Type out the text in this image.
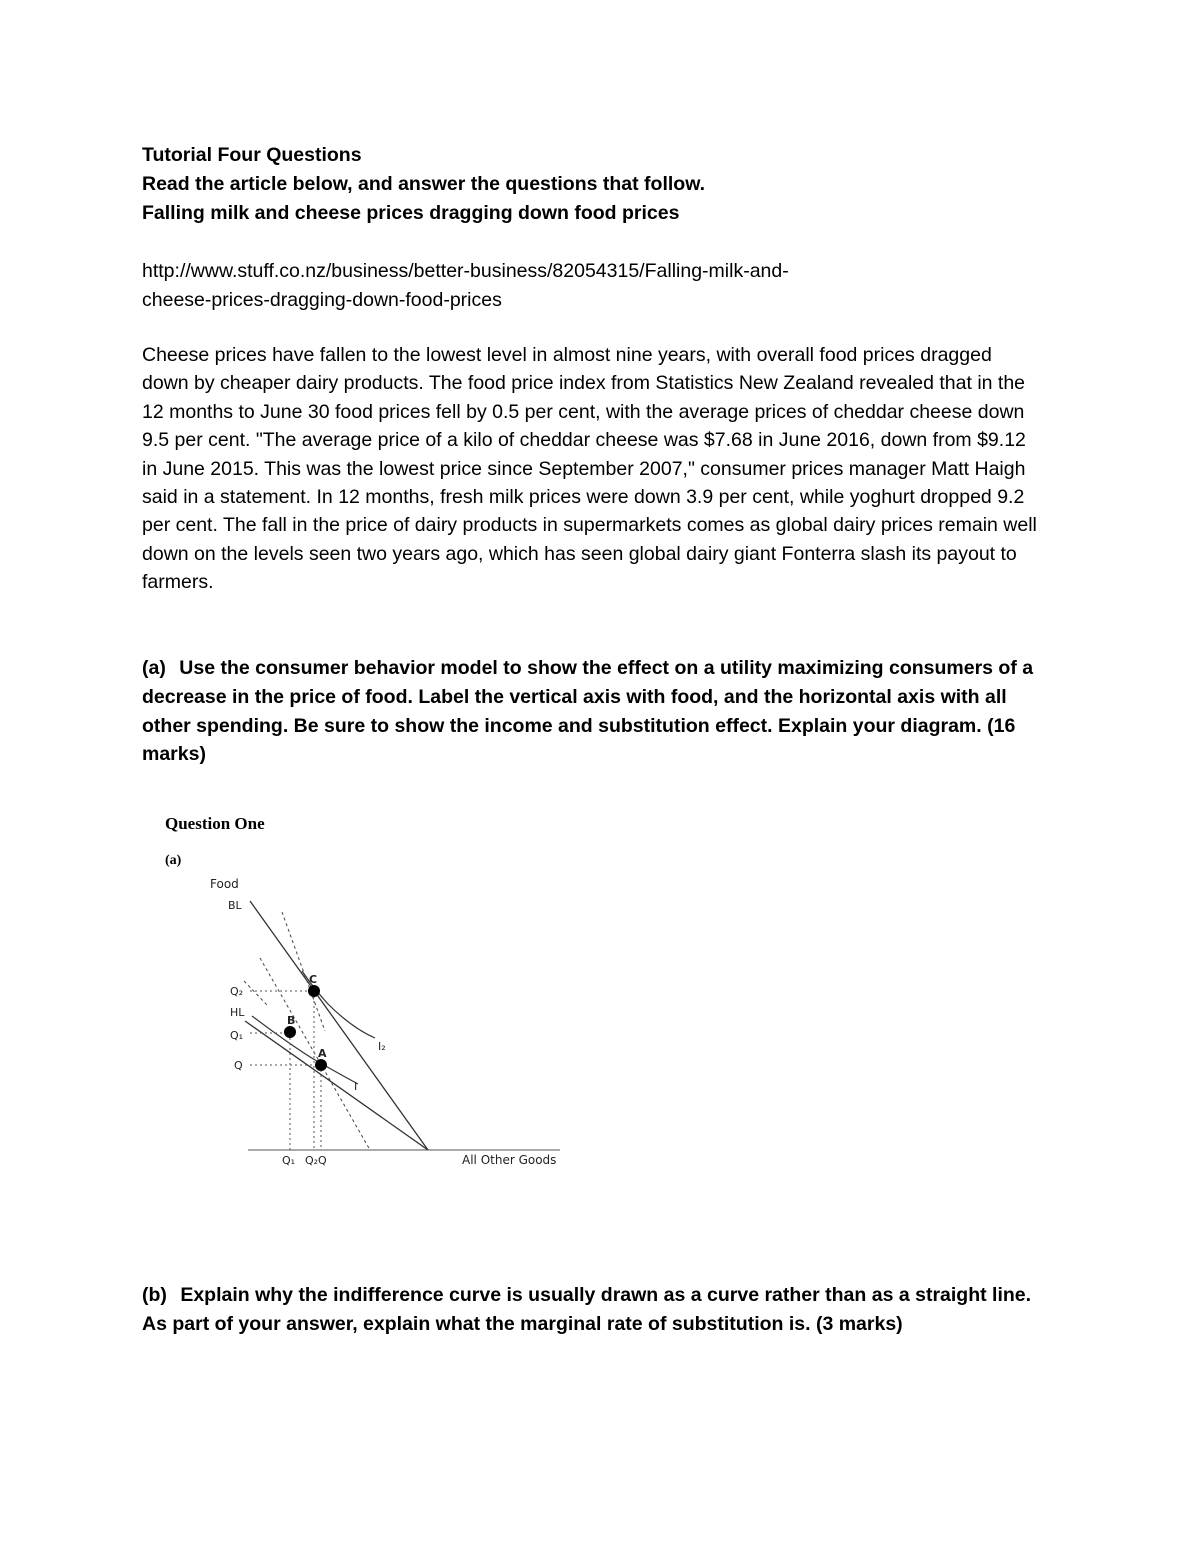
Tutorial Four Questions
Read the article below, and answer the questions that follow.
Falling milk and cheese prices dragging down food prices
http://www.stuff.co.nz/business/better-business/82054315/Falling-milk-and-
cheese-prices-dragging-down-food-prices
Cheese prices have fallen to the lowest level in almost nine years, with overall food prices dragged down by cheaper dairy products. The food price index from Statistics New Zealand revealed that in the 12 months to June 30 food prices fell by 0.5 per cent, with the average prices of cheddar cheese down 9.5 per cent. "The average price of a kilo of cheddar cheese was $7.68 in June 2016, down from $9.12 in June 2015. This was the lowest price since September 2007," consumer prices manager Matt Haigh said in a statement. In 12 months, fresh milk prices were down 3.9 per cent, while yoghurt dropped 9.2 per cent. The fall in the price of dairy products in supermarkets comes as global dairy prices remain well down on the levels seen two years ago, which has seen global dairy giant Fonterra slash its payout to farmers.
(a) Use the consumer behavior model to show the effect on a utility maximizing consumers of a decrease in the price of food. Label the vertical axis with food, and the horizontal axis with all other spending. Be sure to show the income and substitution effect. Explain your diagram. (16 marks)
Question One
(a)
Food
All Other Goods
BL
HL
I
I₂
Q₂
Q₁
Q
C
B
A
Q₁ Q₂ Q
(b) Explain why the indifference curve is usually drawn as a curve rather than as a straight line. As part of your answer, explain what the marginal rate of substitution is. (3 marks)
